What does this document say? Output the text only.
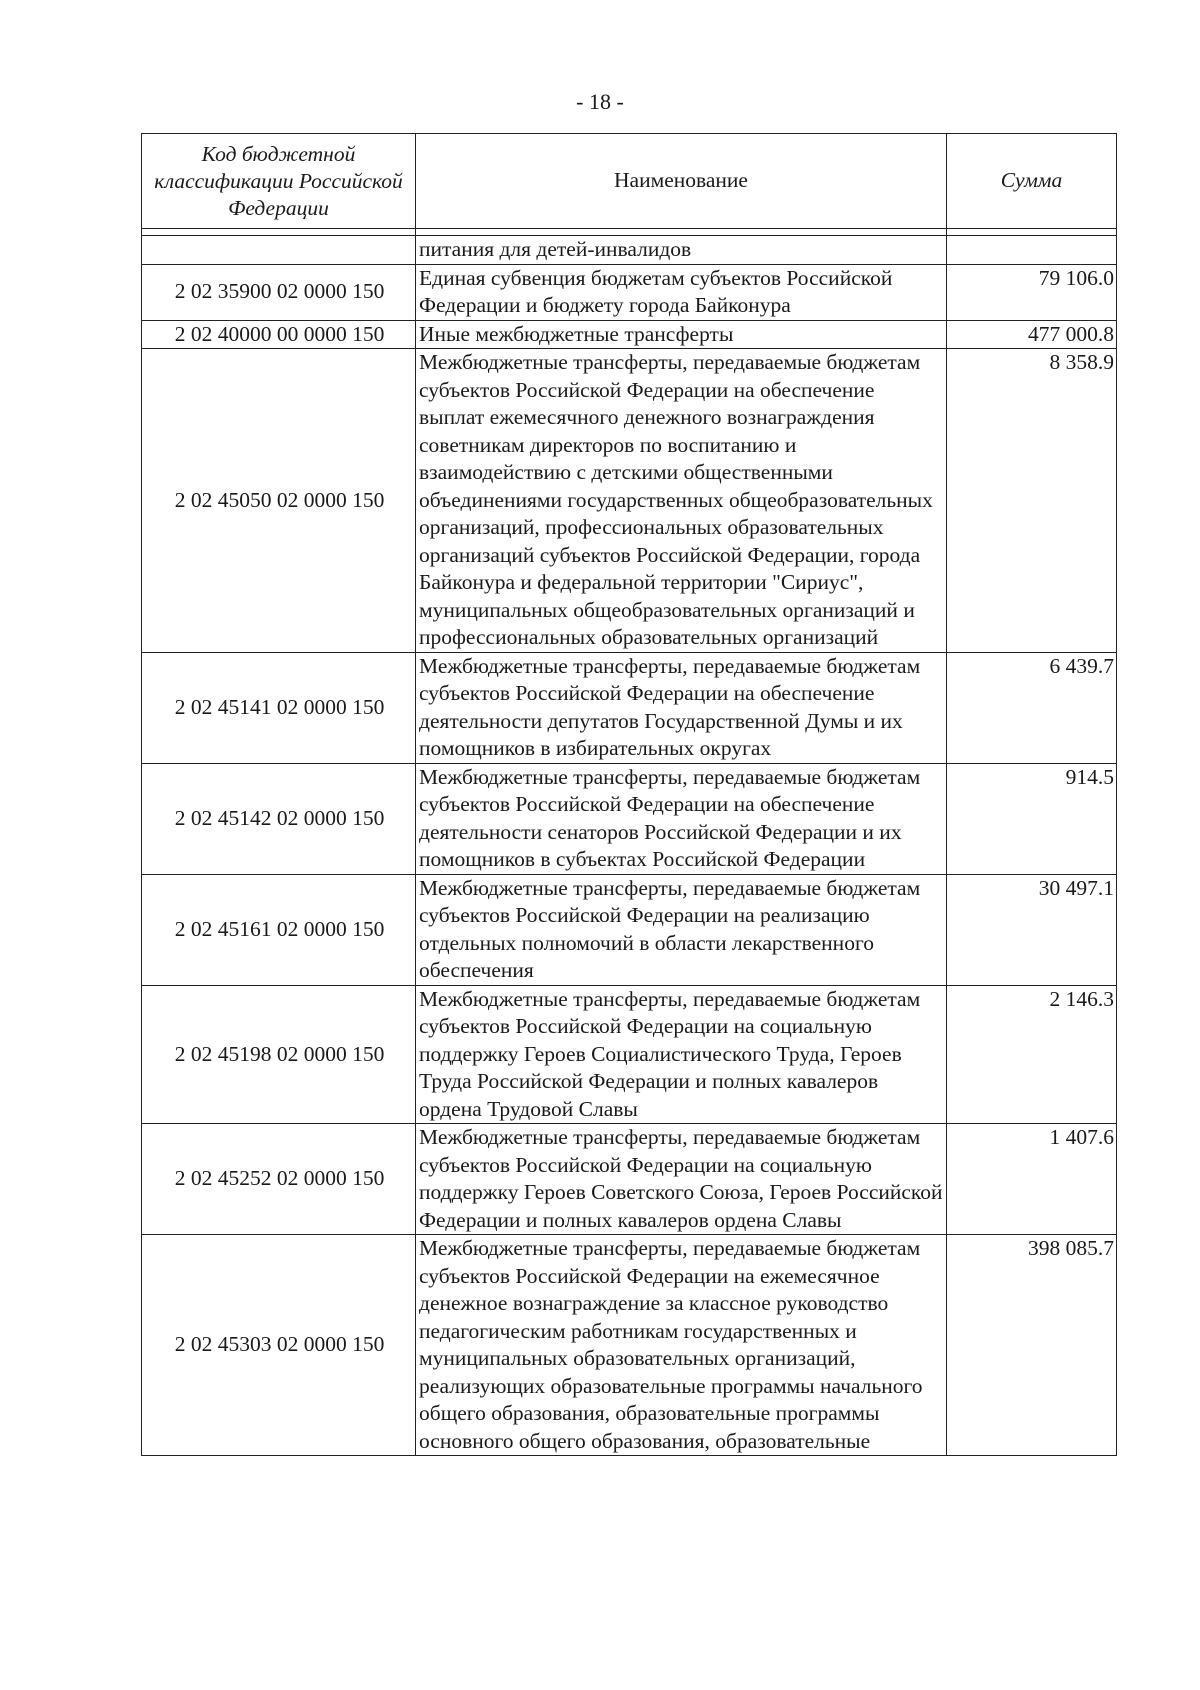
- 18 -
Код бюджетной классификации Российской Федерации	Наименование	Сумма

	питания для детей-инвалидов	
2 02 35900 02 0000 150	Единая субвенция бюджетам субъектов Российской Федерации и бюджету города Байконура	79 106.0
2 02 40000 00 0000 150	Иные межбюджетные трансферты	477 000.8
2 02 45050 02 0000 150	Межбюджетные трансферты, передаваемые бюджетам субъектов Российской Федерации на обеспечение выплат ежемесячного денежного вознаграждения советникам директоров по воспитанию и взаимодействию с детскими общественными объединениями государственных общеобразовательных организаций, профессиональных образовательных организаций субъектов Российской Федерации, города Байконура и федеральной территории "Сириус", муниципальных общеобразовательных организаций и профессиональных образовательных организаций	8 358.9
2 02 45141 02 0000 150	Межбюджетные трансферты, передаваемые бюджетам субъектов Российской Федерации на обеспечение деятельности депутатов Государственной Думы и их помощников в избирательных округах	6 439.7
2 02 45142 02 0000 150	Межбюджетные трансферты, передаваемые бюджетам субъектов Российской Федерации на обеспечение деятельности сенаторов Российской Федерации и их помощников в субъектах Российской Федерации	914.5
2 02 45161 02 0000 150	Межбюджетные трансферты, передаваемые бюджетам субъектов Российской Федерации на реализацию отдельных полномочий в области лекарственного обеспечения	30 497.1
2 02 45198 02 0000 150	Межбюджетные трансферты, передаваемые бюджетам субъектов Российской Федерации на социальную поддержку Героев Социалистического Труда, Героев Труда Российской Федерации и полных кавалеров ордена Трудовой Славы	2 146.3
2 02 45252 02 0000 150	Межбюджетные трансферты, передаваемые бюджетам субъектов Российской Федерации на социальную поддержку Героев Советского Союза, Героев Российской Федерации и полных кавалеров ордена Славы	1 407.6
2 02 45303 02 0000 150	Межбюджетные трансферты, передаваемые бюджетам субъектов Российской Федерации на ежемесячное денежное вознаграждение за классное руководство педагогическим работникам государственных и муниципальных образовательных организаций, реализующих образовательные программы начального общего образования, образовательные программы основного общего образования, образовательные	398 085.7
